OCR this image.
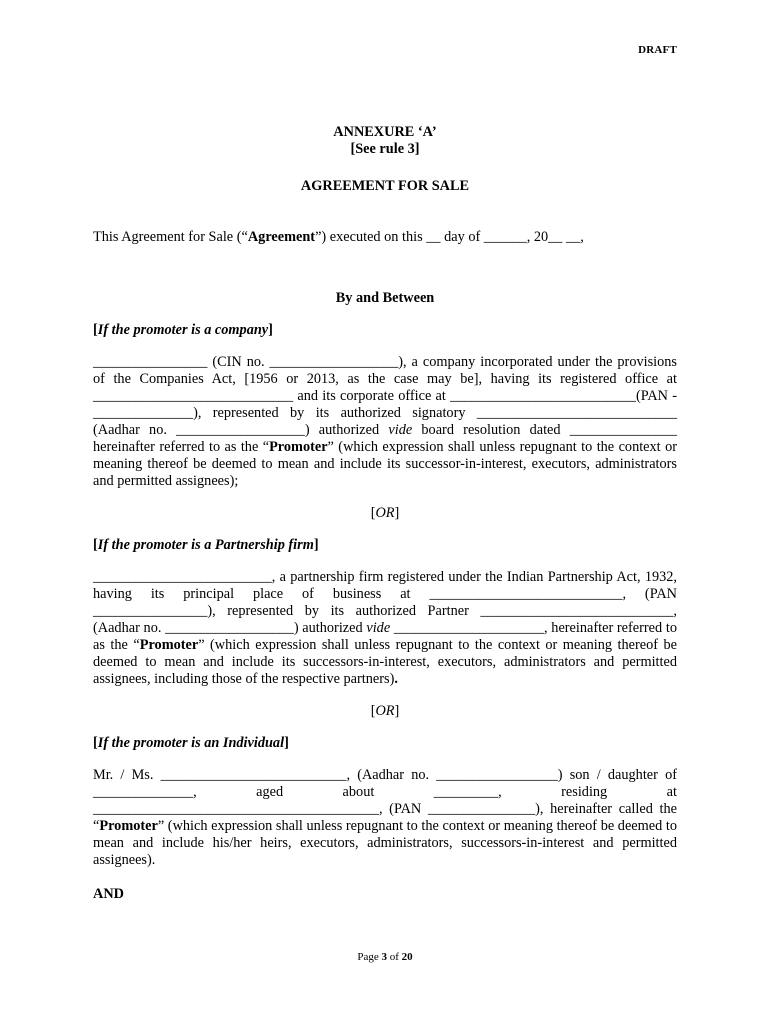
DRAFT

ANNEXURE ‘A’

[See rule 3]

AGREEMENT FOR SALE

This Agreement for Sale (“Agreement”) executed on this __ day of ______, 20__ __,

By and Between

[If the promoter is a company]

________________ (CIN no. __________________), a company incorporated under the provisions of the Companies Act, [1956 or 2013, as the case may be], having its registered office at ____________________________ and its corporate office at __________________________(PAN -______________), represented by its authorized signatory ____________________________ (Aadhar no. __________________) authorized vide board resolution dated _______________ hereinafter referred to as the “Promoter” (which expression shall unless repugnant to the context or meaning thereof be deemed to mean and include its successor-in-interest, executors, administrators and permitted assignees);

[OR]

[If the promoter is a Partnership firm]

_________________________, a partnership firm registered under the Indian Partnership Act, 1932, having its principal place of business at ___________________________, (PAN ________________), represented by its authorized Partner ___________________________, (Aadhar no. __________________) authorized vide _____________________, hereinafter referred to as the “Promoter” (which expression shall unless repugnant to the context or meaning thereof be deemed to mean and include its successors-in-interest, executors, administrators and permitted assignees, including those of the respective partners).

[OR]

[If the promoter is an Individual]

Mr. / Ms. __________________________, (Aadhar no. _________________) son / daughter of ______________, aged about _________, residing at ________________________________________, (PAN _______________), hereinafter called the “Promoter” (which expression shall unless repugnant to the context or meaning thereof be deemed to mean and include his/her heirs, executors, administrators, successors-in-interest and permitted assignees).

AND

Page 3 of 20
